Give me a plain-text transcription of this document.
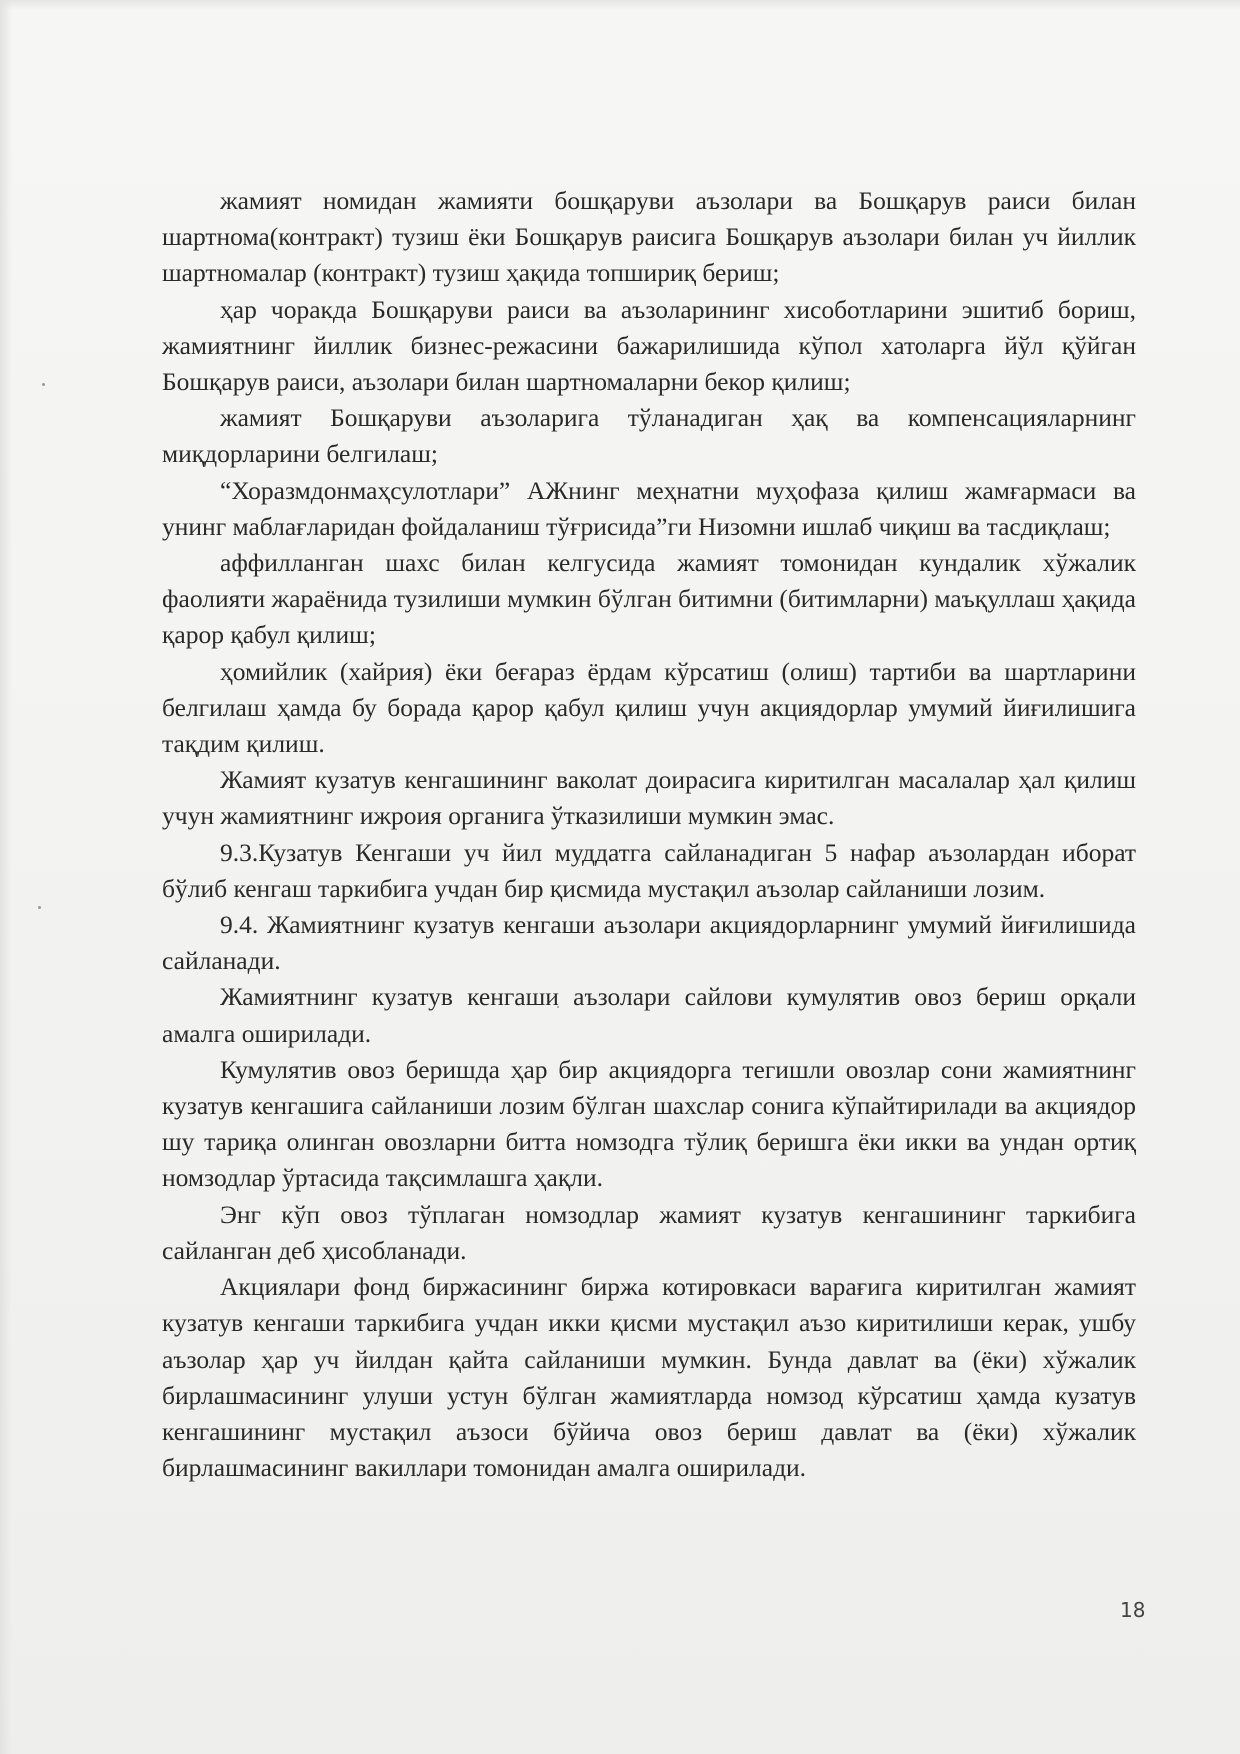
жамият номидан жамияти бошқаруви аъзолари ва Бошқарув раиси билан шартнома(контракт) тузиш ёки Бошқарув раисига Бошқарув аъзолари билан уч йиллик шартномалар (контракт) тузиш ҳақида топшириқ бериш;

ҳар чоракда Бошқаруви раиси ва аъзоларининг хисоботларини эшитиб бориш, жамиятнинг йиллик бизнес-режасини бажарилишида кўпол хатоларга йўл қўйган Бошқарув раиси, аъзолари билан шартномаларни бекор қилиш;

жамият Бошқаруви аъзоларига тўланадиган ҳақ ва компенсацияларнинг миқдорларини белгилаш;

“Хоразмдонмаҳсулотлари” АЖнинг меҳнатни муҳофаза қилиш жамғармаси ва унинг маблағларидан фойдаланиш тўғрисида”ги Низомни ишлаб чиқиш ва тасдиқлаш;

аффилланган шахс билан келгусида жамият томонидан кундалик хўжалик фаолияти жараёнида тузилиши мумкин бўлган битимни (битимларни) маъқуллаш ҳақида қарор қабул қилиш;

ҳомийлик (хайрия) ёки беғараз ёрдам кўрсатиш (олиш) тартиби ва шартларини белгилаш ҳамда бу борада қарор қабул қилиш учун акциядорлар умумий йиғилишига тақдим қилиш.

Жамият кузатув кенгашининг ваколат доирасига киритилган масалалар ҳал қилиш учун жамиятнинг ижроия органига ўтказилиши мумкин эмас.

9.3.Кузатув Кенгаши уч йил муддатга сайланадиган 5 нафар аъзолардан иборат бўлиб кенгаш таркибига учдан бир қисмида мустақил аъзолар сайланиши лозим.

9.4. Жамиятнинг кузатув кенгаши аъзолари акциядорларнинг умумий йиғилишида сайланади.

Жамиятнинг кузатув кенгаши аъзолари сайлови кумулятив овоз бериш орқали амалга оширилади.

Кумулятив овоз беришда ҳар бир акциядорга тегишли овозлар сони жамиятнинг кузатув кенгашига сайланиши лозим бўлган шахслар сонига кўпайтирилади ва акциядор шу тариқа олинган овозларни битта номзодга тўлиқ беришга ёки икки ва ундан ортиқ номзодлар ўртасида тақсимлашга ҳақли.

Энг кўп овоз тўплаган номзодлар жамият кузатув кенгашининг таркибига сайланган деб ҳисобланади.

Акциялари фонд биржасининг биржа котировкаси варағига киритилган жамият кузатув кенгаши таркибига учдан икки қисми мустақил аъзо киритилиши керак, ушбу аъзолар ҳар уч йилдан қайта сайланиши мумкин. Бунда давлат ва (ёки) хўжалик бирлашмасининг улуши устун бўлган жамиятларда номзод кўрсатиш ҳамда кузатув кенгашининг мустақил аъзоси бўйича овоз бериш давлат ва (ёки) хўжалик бирлашмасининг вакиллари томонидан амалга оширилади.

18
